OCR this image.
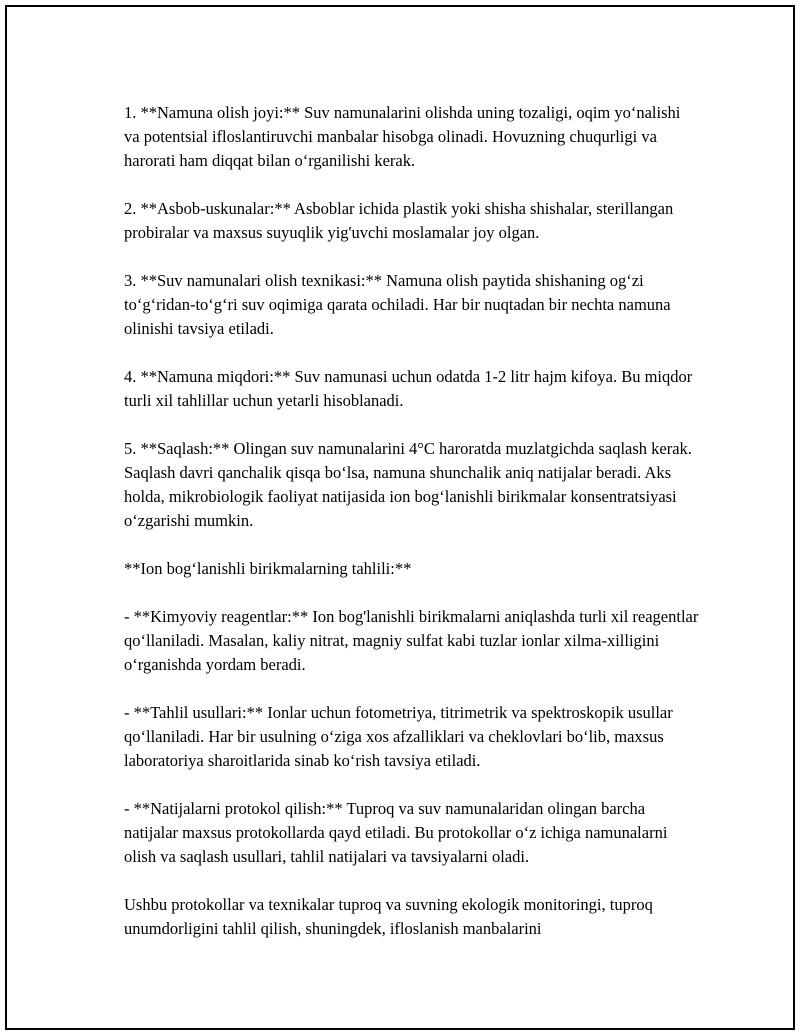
1. **Namuna olish joyi:** Suv namunalarini olishda uning tozaligi, oqim yo‘nalishi va potentsial ifloslantiruvchi manbalar hisobga olinadi. Hovuzning chuqurligi va harorati ham diqqat bilan o‘rganilishi kerak.

2. **Asbob-uskunalar:** Asboblar ichida plastik yoki shisha shishalar, sterillangan probiralar va maxsus suyuqlik yig'uvchi moslamalar joy olgan.

3. **Suv namunalari olish texnikasi:** Namuna olish paytida shishaning og‘zi to‘g‘ridan-to‘g‘ri suv oqimiga qarata ochiladi. Har bir nuqtadan bir nechta namuna olinishi tavsiya etiladi.

4. **Namuna miqdori:** Suv namunasi uchun odatda 1-2 litr hajm kifoya. Bu miqdor turli xil tahlillar uchun yetarli hisoblanadi.

5. **Saqlash:** Olingan suv namunalarini 4°C haroratda muzlatgichda saqlash kerak. Saqlash davri qanchalik qisqa bo‘lsa, namuna shunchalik aniq natijalar beradi. Aks holda, mikrobiologik faoliyat natijasida ion bog‘lanishli birikmalar konsentratsiyasi o‘zgarishi mumkin.

**Ion bog‘lanishli birikmalarning tahlili:**

- **Kimyoviy reagentlar:** Ion bog'lanishli birikmalarni aniqlashda turli xil reagentlar qo‘llaniladi. Masalan, kaliy nitrat, magniy sulfat kabi tuzlar ionlar xilma-xilligini o‘rganishda yordam beradi.

- **Tahlil usullari:** Ionlar uchun fotometriya, titrimetrik va spektroskopik usullar qo‘llaniladi. Har bir usulning o‘ziga xos afzalliklari va cheklovlari bo‘lib, maxsus laboratoriya sharoitlarida sinab ko‘rish tavsiya etiladi.

- **Natijalarni protokol qilish:** Tuproq va suv namunalaridan olingan barcha natijalar maxsus protokollarda qayd etiladi. Bu protokollar o‘z ichiga namunalarni olish va saqlash usullari, tahlil natijalari va tavsiyalarni oladi.

Ushbu protokollar va texnikalar tuproq va suvning ekologik monitoringi, tuproq unumdorligini tahlil qilish, shuningdek, ifloslanish manbalarini
